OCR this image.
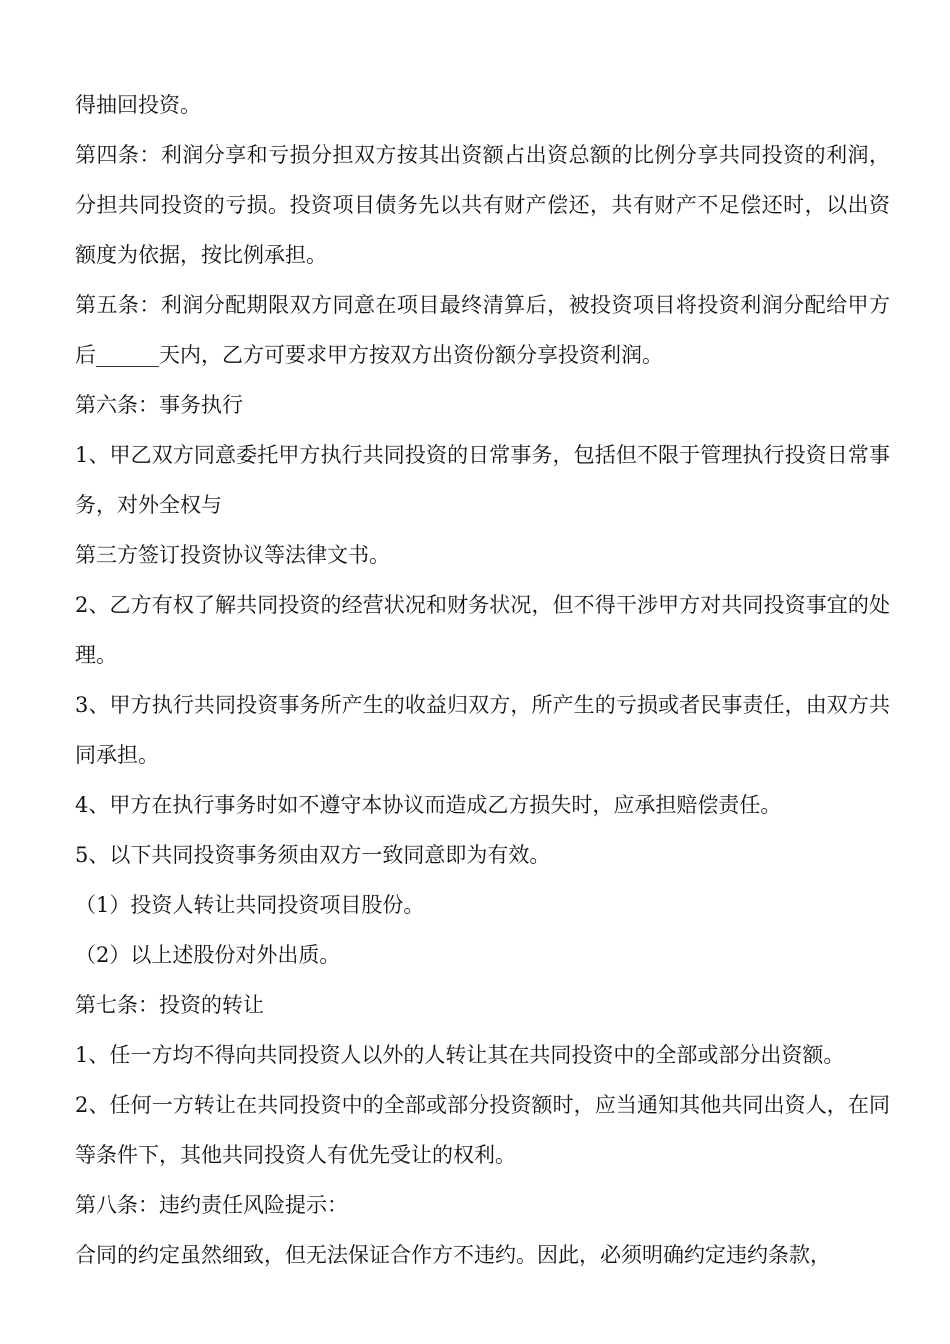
得抽回投资。

第四条：利润分享和亏损分担双方按其出资额占出资总额的比例分享共同投资的利润，分担共同投资的亏损。投资项目债务先以共有财产偿还，共有财产不足偿还时，以出资额度为依据，按比例承担。

第五条：利润分配期限双方同意在项目最终清算后，被投资项目将投资利润分配给甲方后______天内，乙方可要求甲方按双方出资份额分享投资利润。

第六条：事务执行

1、甲乙双方同意委托甲方执行共同投资的日常事务，包括但不限于管理执行投资日常事务，对外全权与

第三方签订投资协议等法律文书。

2、乙方有权了解共同投资的经营状况和财务状况，但不得干涉甲方对共同投资事宜的处理。

3、甲方执行共同投资事务所产生的收益归双方，所产生的亏损或者民事责任，由双方共同承担。

4、甲方在执行事务时如不遵守本协议而造成乙方损失时，应承担赔偿责任。

5、以下共同投资事务须由双方一致同意即为有效。

（1）投资人转让共同投资项目股份。

（2）以上述股份对外出质。

第七条：投资的转让

1、任一方均不得向共同投资人以外的人转让其在共同投资中的全部或部分出资额。

2、任何一方转让在共同投资中的全部或部分投资额时，应当通知其他共同出资人，在同等条件下，其他共同投资人有优先受让的权利。

第八条：违约责任风险提示：

合同的约定虽然细致，但无法保证合作方不违约。因此，必须明确约定违约条款，
